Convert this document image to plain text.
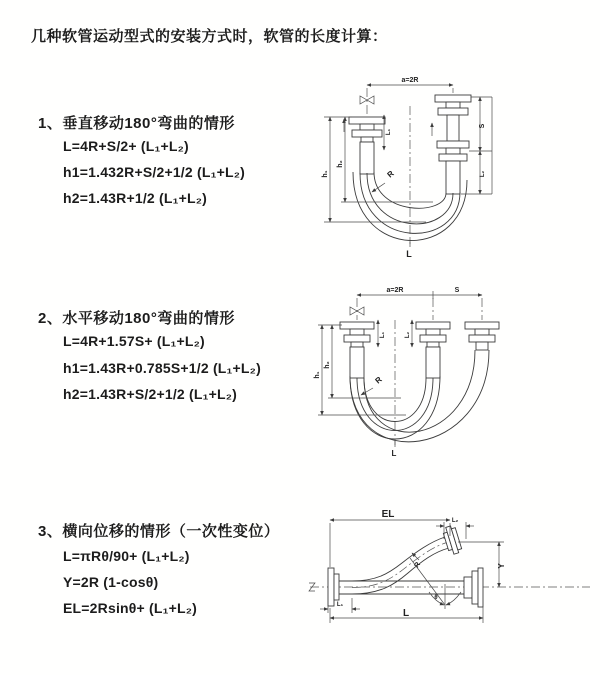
几种软管运动型式的安装方式时，软管的长度计算：
1、垂直移动180°弯曲的情形
L=4R+S/2+ (L₁+L₂)
h1=1.432R+S/2+1/2 (L₁+L₂)
h2=1.43R+1/2 (L₁+L₂)
2、水平移动180°弯曲的情形
L=4R+1.57S+ (L₁+L₂)
h1=1.43R+0.785S+1/2 (L₁+L₂)
h2=1.43R+S/2+1/2 (L₁+L₂)
3、横向位移的情形（一次性变位）
L=πRθ/90+ (L₁+L₂)
Y=2R (1-cosθ)
EL=2Rsinθ+ (L₁+L₂)
a=2R
L
R
h₁
h₂
L₁
S
L₂
a=2R	S
L₁	L₂
L
R
h₁
h₂
EL
L₂
Y
R
θ
L
L₁
